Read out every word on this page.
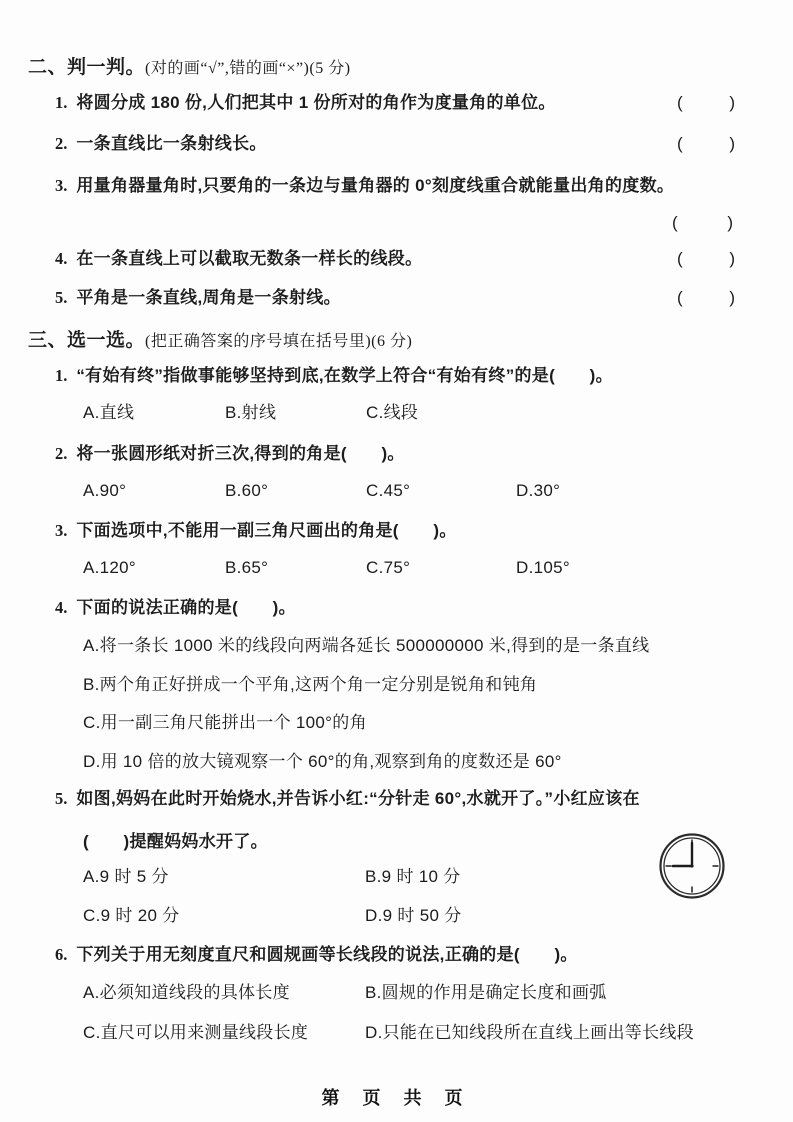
二、判一判。(对的画“√”,错的画“×”)(5 分)
1. 将圆分成 180 份,人们把其中 1 份所对的角作为度量角的单位。	(	)
2. 一条直线比一条射线长。	(	)
3. 用量角器量角时,只要角的一条边与量角器的 0°刻度线重合就能量出角的度数。
(	)
4. 在一条直线上可以截取无数条一样长的线段。	(	)
5. 平角是一条直线,周角是一条射线。	(	)
三、选一选。(把正确答案的序号填在括号里)(6 分)
1. “有始有终”指做事能够坚持到底,在数学上符合“有始有终”的是(　　)。
A.直线	B.射线	C.线段
2. 将一张圆形纸对折三次,得到的角是(　　)。
A.90°	B.60°	C.45°	D.30°
3. 下面选项中,不能用一副三角尺画出的角是(　　)。
A.120°	B.65°	C.75°	D.105°
4. 下面的说法正确的是(　　)。
A.将一条长 1000 米的线段向两端各延长 500000000 米,得到的是一条直线
B.两个角正好拼成一个平角,这两个角一定分别是锐角和钝角
C.用一副三角尺能拼出一个 100°的角
D.用 10 倍的放大镜观察一个 60°的角,观察到角的度数还是 60°
5. 如图,妈妈在此时开始烧水,并告诉小红:“分针走 60°,水就开了。”小红应该在
(　　)提醒妈妈水开了。
A.9 时 5 分	B.9 时 10 分
C.9 时 20 分	D.9 时 50 分
6. 下列关于用无刻度直尺和圆规画等长线段的说法,正确的是(　　)。
A.必须知道线段的具体长度	B.圆规的作用是确定长度和画弧
C.直尺可以用来测量线段长度	D.只能在已知线段所在直线上画出等长线段
第 页 共 页
